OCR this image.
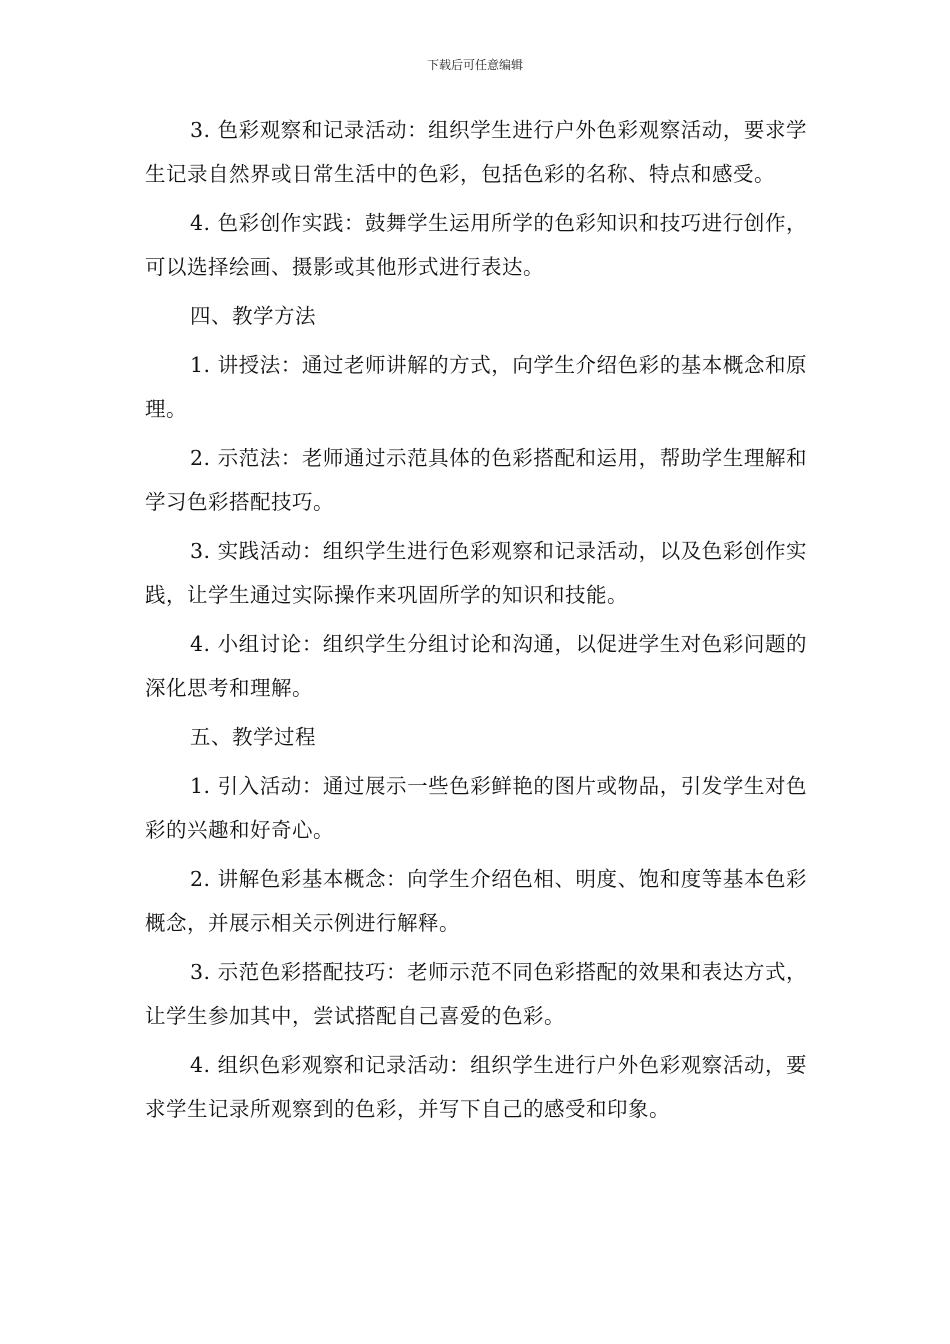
下载后可任意编辑

3. 色彩观察和记录活动：组织学生进行户外色彩观察活动，要求学生记录自然界或日常生活中的色彩，包括色彩的名称、特点和感受。

4. 色彩创作实践：鼓舞学生运用所学的色彩知识和技巧进行创作，可以选择绘画、摄影或其他形式进行表达。

四、教学方法

1. 讲授法：通过老师讲解的方式，向学生介绍色彩的基本概念和原理。

2. 示范法：老师通过示范具体的色彩搭配和运用，帮助学生理解和学习色彩搭配技巧。

3. 实践活动：组织学生进行色彩观察和记录活动，以及色彩创作实践，让学生通过实际操作来巩固所学的知识和技能。

4. 小组讨论：组织学生分组讨论和沟通，以促进学生对色彩问题的深化思考和理解。

五、教学过程

1. 引入活动：通过展示一些色彩鲜艳的图片或物品，引发学生对色彩的兴趣和好奇心。

2. 讲解色彩基本概念：向学生介绍色相、明度、饱和度等基本色彩概念，并展示相关示例进行解释。

3. 示范色彩搭配技巧：老师示范不同色彩搭配的效果和表达方式，让学生参加其中，尝试搭配自己喜爱的色彩。

4. 组织色彩观察和记录活动：组织学生进行户外色彩观察活动，要求学生记录所观察到的色彩，并写下自己的感受和印象。
